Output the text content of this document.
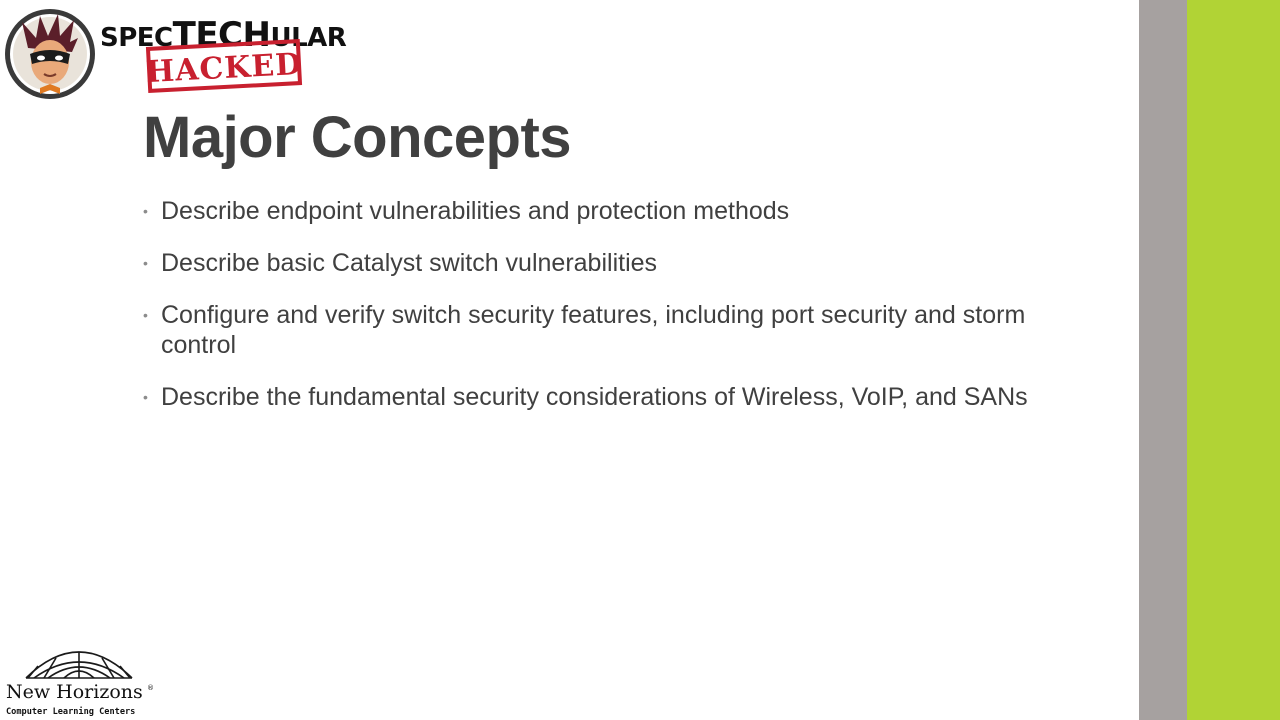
SPECTECHULAR
HACKED
Major Concepts
• Describe endpoint vulnerabilities and protection methods
• Describe basic Catalyst switch vulnerabilities
• Configure and verify switch security features, including port security and storm control
• Describe the fundamental security considerations of Wireless, VoIP, and SANs
New Horizons ®
Computer Learning Centers
